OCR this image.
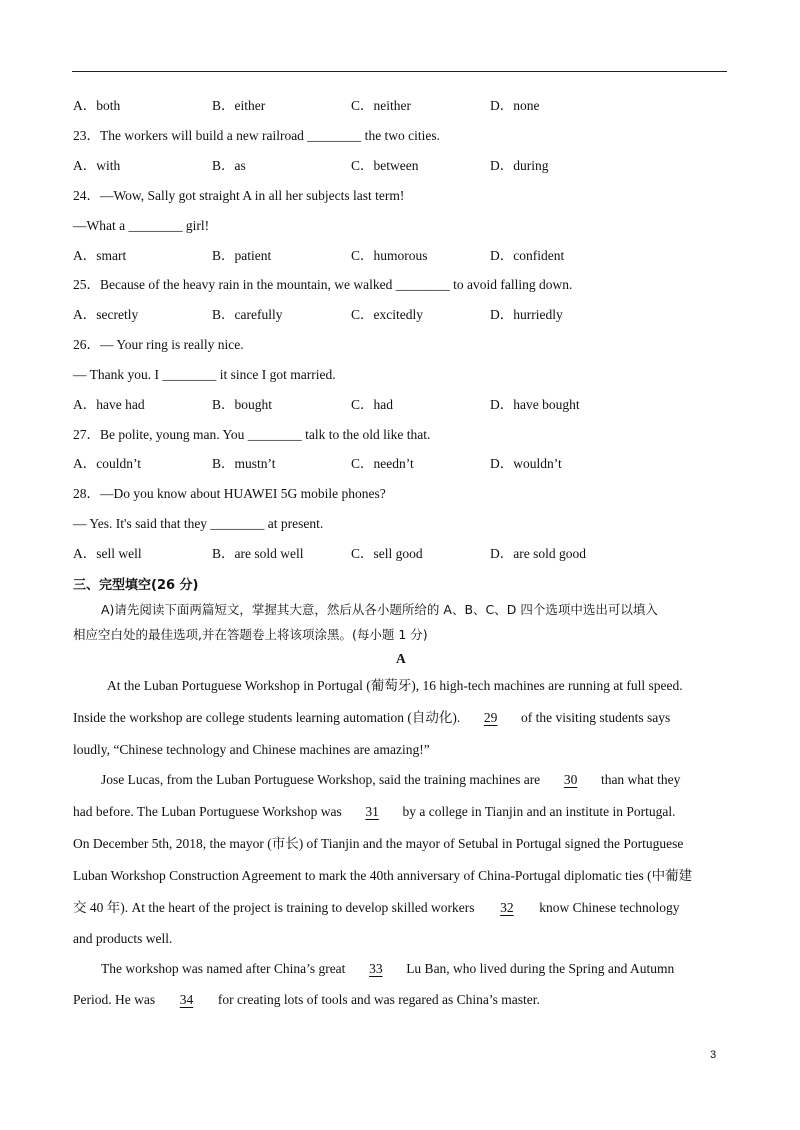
A．both	B．either	C．neither	D．none
23．The workers will build a new railroad ________ the two cities.
A．with	B．as	C．between	D．during
24．—Wow, Sally got straight A in all her subjects last term!
—What a ________ girl!
A．smart	B．patient	C．humorous	D．confident
25．Because of the heavy rain in the mountain, we walked ________ to avoid falling down.
A．secretly	B．carefully	C．excitedly	D．hurriedly
26．— Your ring is really nice.
— Thank you. I ________ it since I got married.
A．have had	B．bought	C．had	D．have bought
27．Be polite, young man. You ________ talk to the old like that.
A．couldn’t	B．mustn’t	C．needn’t	D．wouldn’t
28．—Do you know about HUAWEI 5G mobile phones?
— Yes. It's said that they ________ at present.
A．sell well	B．are sold well	C．sell good	D．are sold good
三、完型填空(26 分)
A)请先阅读下面两篇短文，掌握其大意，然后从各小题所给的 A、B、C、D 四个选项中选出可以填入
相应空白处的最佳选项,并在答题卷上将该项涂黑。(每小题 1 分)
A
At the Luban Portuguese Workshop in Portugal (葡萄牙), 16 high-tech machines are running at full speed.
Inside the workshop are college students learning automation (自动化). 29 of the visiting students says
loudly, “Chinese technology and Chinese machines are amazing!”
Jose Lucas, from the Luban Portuguese Workshop, said the training machines are 30 than what they
had before. The Luban Portuguese Workshop was 31 by a college in Tianjin and an institute in Portugal.
On December 5th, 2018, the mayor (市长) of Tianjin and the mayor of Setubal in Portugal signed the Portuguese
Luban Workshop Construction Agreement to mark the 40th anniversary of China-Portugal diplomatic ties (中葡建
交 40 年). At the heart of the project is training to develop skilled workers 32 know Chinese technology
and products well.
The workshop was named after China’s great 33 Lu Ban, who lived during the Spring and Autumn
Period. He was 34 for creating lots of tools and was regared as China’s master.
3
